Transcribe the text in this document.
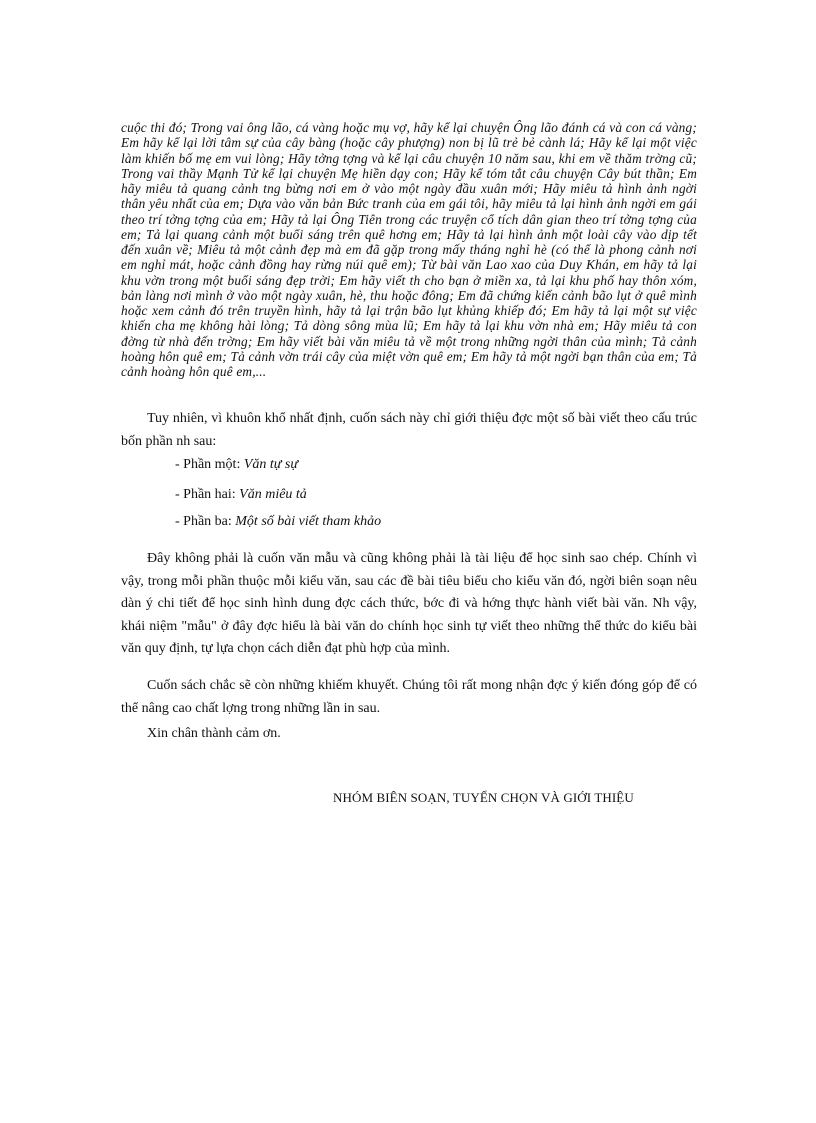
cuộc thi đó; Trong vai ông lão, cá vàng hoặc mụ vợ, hãy kể lại chuyện Ông lão đánh cá và con cá vàng; Em hãy kể lại lời tâm sự của cây bàng (hoặc cây phượng) non bị lũ trẻ bẻ cành lá; Hãy kể lại một việc làm khiến bố mẹ em vui lòng; Hãy tởng tợng và kể lại câu chuyện 10 năm sau, khi em về thăm trờng cũ; Trong vai thầy Mạnh Tử kể lại chuyện Mẹ hiền dạy con; Hãy kể tóm tắt câu chuyện Cây bút thần; Em hãy miêu tả quang cảnh tng bừng nơi em ở vào một ngày đầu xuân mới; Hãy miêu tả hình ảnh ngời thân yêu nhất của em; Dựa vào văn bản Bức tranh của em gái tôi, hãy miêu tả lại hình ảnh ngời em gái theo trí tởng tợng của em; Hãy tả lại Ông Tiên trong các truyện cổ tích dân gian theo trí tởng tợng của em; Tả lại quang cảnh một buổi sáng trên quê hơng em; Hãy tả lại hình ảnh một loài cây vào dịp tết đến xuân về; Miêu tả một cảnh đẹp mà em đã gặp trong mấy tháng nghỉ hè (có thể là phong cảnh nơi em nghỉ mát, hoặc cảnh đồng hay rừng núi quê em); Từ bài văn Lao xao của Duy Khán, em hãy tả lại khu vờn trong một buổi sáng đẹp trời; Em hãy viết th cho bạn ở miền xa, tả lại khu phố hay thôn xóm, bản làng nơi mình ở vào một ngày xuân, hè, thu hoặc đông; Em đã chứng kiến cảnh bão lụt ở quê mình hoặc xem cảnh đó trên truyền hình, hãy tả lại trận bão lụt khủng khiếp đó; Em hãy tả lại một sự việc khiến cha mẹ không hài lòng; Tả dòng sông mùa lũ; Em hãy tả lại khu vờn nhà em; Hãy miêu tả con đờng từ nhà đến trờng; Em hãy viết bài văn miêu tả về một trong những ngời thân của mình; Tả cảnh hoàng hôn quê em; Tả cảnh vờn trái cây của miệt vờn quê em; Em hãy tả một ngời bạn thân của em; Tả cảnh hoàng hôn quê em,...

Tuy nhiên, vì khuôn khổ nhất định, cuốn sách này chỉ giới thiệu đợc một số bài viết theo cấu trúc bốn phần nh sau:

- Phần một: Văn tự sự

- Phần hai: Văn miêu tả

- Phần ba: Một số bài viết tham khảo

Đây không phải là cuốn văn mẫu và cũng không phải là tài liệu để học sinh sao chép. Chính vì vậy, trong mỗi phần thuộc mỗi kiểu văn, sau các đề bài tiêu biểu cho kiểu văn đó, ngời biên soạn nêu dàn ý chi tiết để học sinh hình dung đợc cách thức, bớc đi và hớng thực hành viết bài văn. Nh vậy, khái niệm "mẫu" ở đây đợc hiểu là bài văn do chính học sinh tự viết theo những thể thức do kiểu bài văn quy định, tự lựa chọn cách diễn đạt phù hợp của mình.

Cuốn sách chắc sẽ còn những khiếm khuyết. Chúng tôi rất mong nhận đợc ý kiến đóng góp để có thể nâng cao chất lợng trong những lần in sau.

Xin chân thành cảm ơn.

NHÓM BIÊN SOẠN, TUYỂN CHỌN VÀ GIỚI THIỆU
